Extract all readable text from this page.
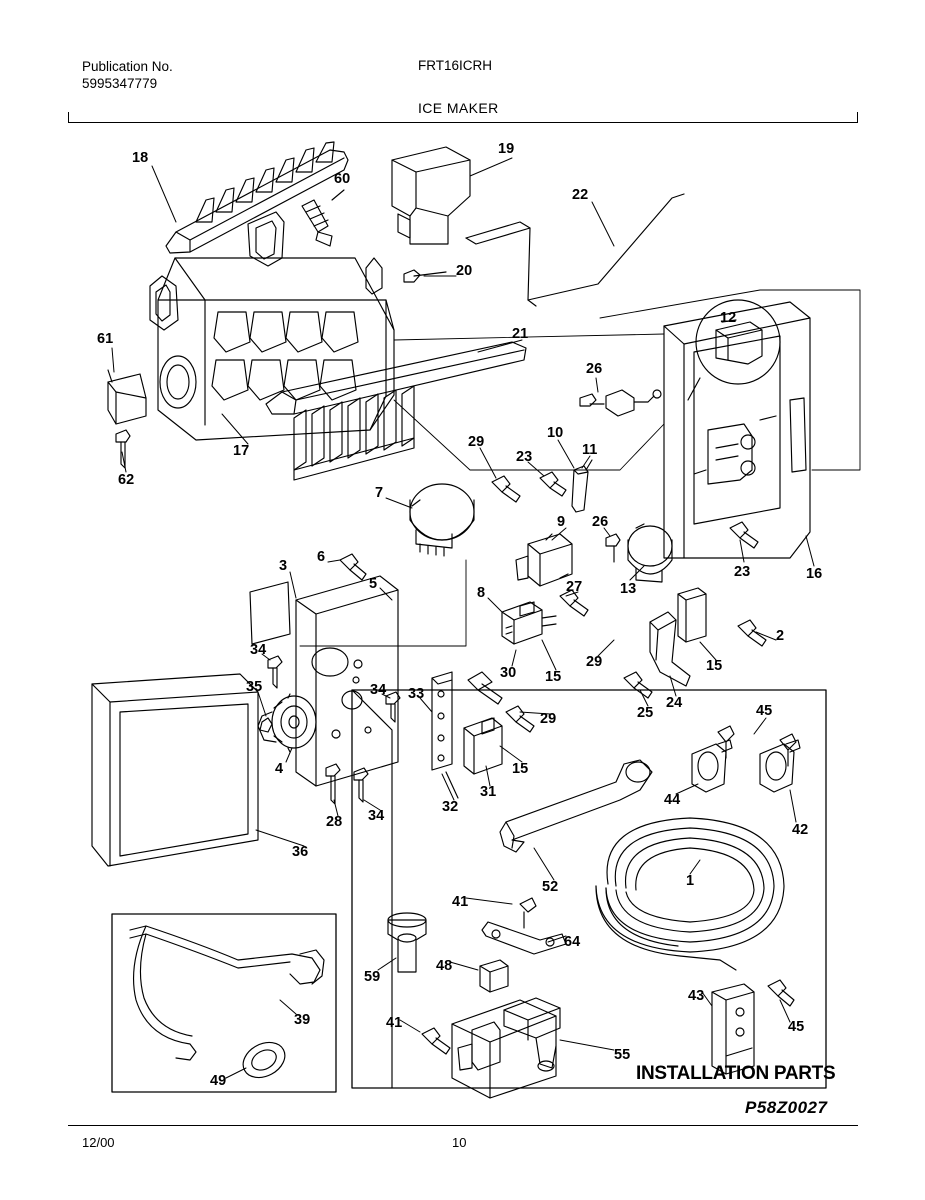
Publication No.
5995347779
FRT16ICRH
ICE MAKER
18
60
19
22
20
12
21
61
26
17
62
29
23
10
11
7
9 26
13
23	16
3
6
5
8	27
34
35
30 15
29	15
2
24
25
34
4
33
29
15
31
32
28 34
36
45
44
42
52	1
41
64
59
48
43
45
41
55
39
49	INSTALLATION PARTS
P58Z0027
12/00	10
